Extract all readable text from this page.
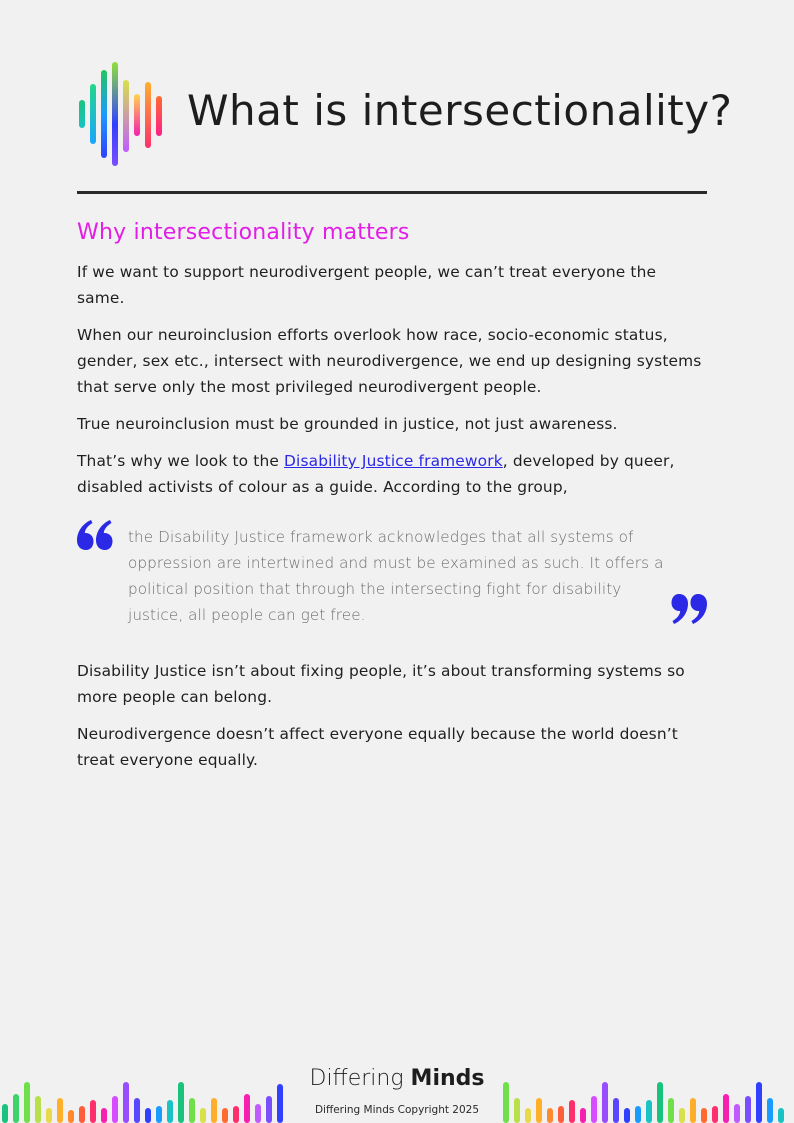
What is intersectionality?
Why intersectionality matters

If we want to support neurodivergent people, we can’t treat everyone the same.

When our neuroinclusion efforts overlook how race, socio-economic status, gender, sex etc., intersect with neurodivergence, we end up designing systems that serve only the most privileged neurodivergent people.

True neuroinclusion must be grounded in justice, not just awareness.

That’s why we look to the Disability Justice framework, developed by queer, disabled activists of colour as a guide. According to the group,

the Disability Justice framework acknowledges that all systems of oppression are intertwined and must be examined as such. It offers a political position that through the intersecting fight for disability justice, all people can get free.

Disability Justice isn’t about fixing people, it’s about transforming systems so more people can belong.

Neurodivergence doesn’t affect everyone equally because the world doesn’t treat everyone equally.

Differing Minds
Differing Minds Copyright 2025
